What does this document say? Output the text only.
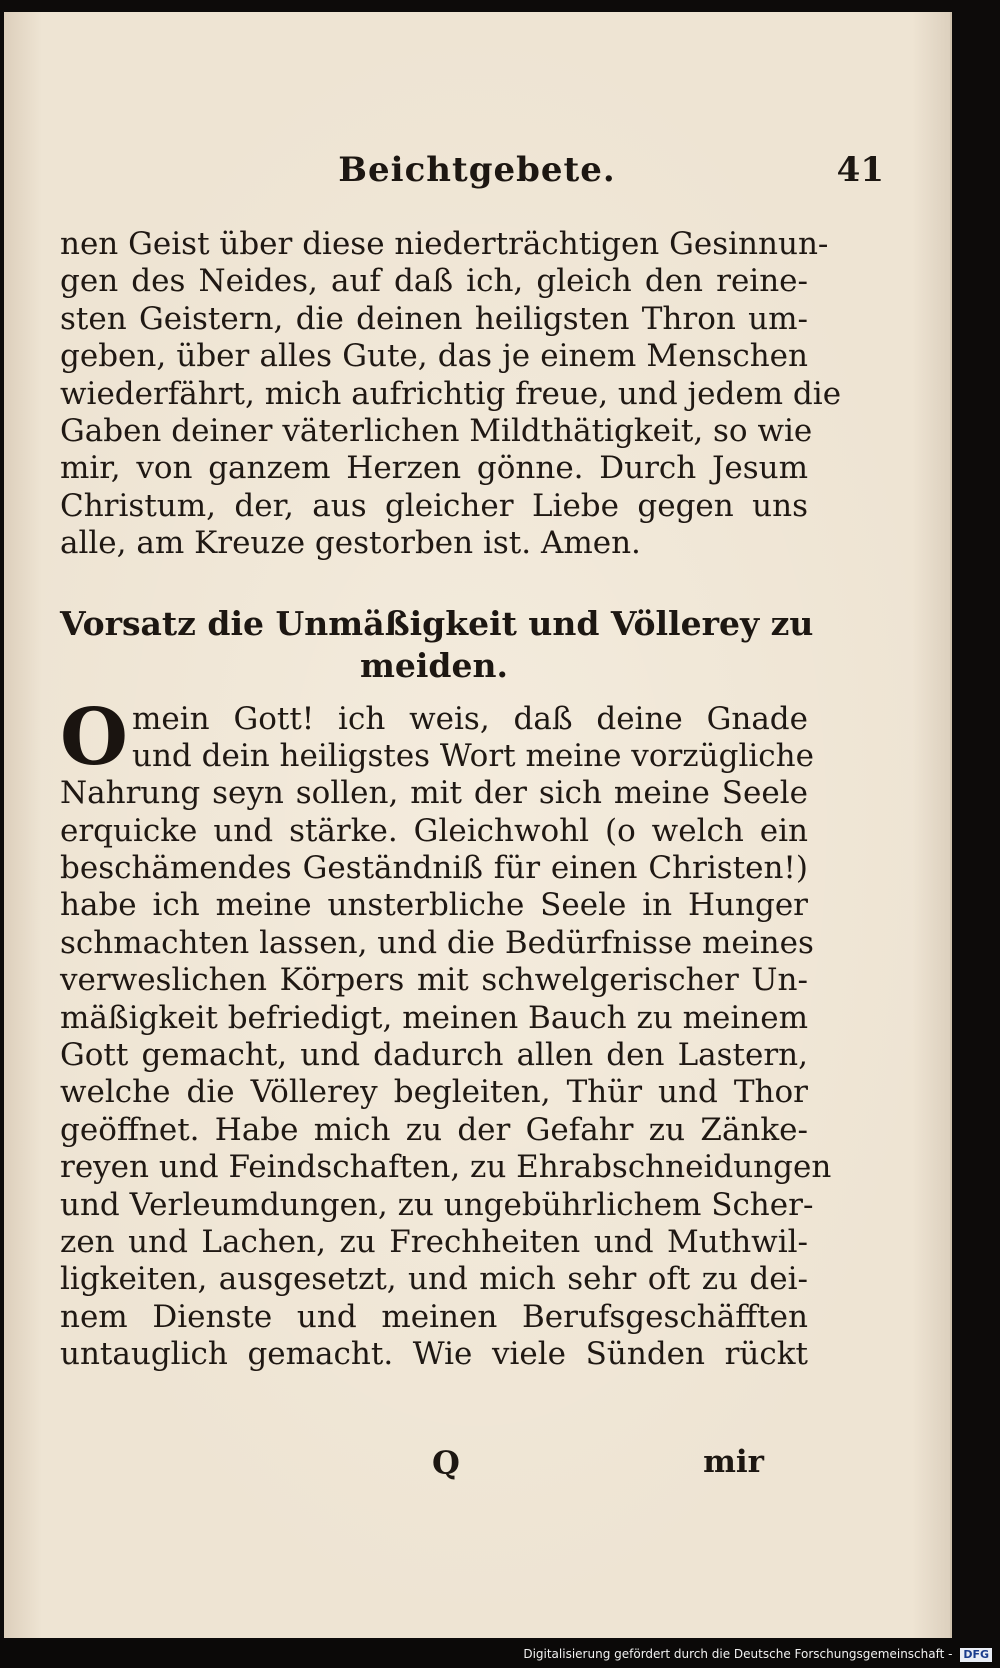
Beichtgebete.	41
nen Geist über diese niederträchtigen Gesinnun-
gen des Neides, auf daß ich, gleich den reine-
sten Geistern, die deinen heiligsten Thron um-
geben, über alles Gute, das je einem Menschen
wiederfährt, mich aufrichtig freue, und jedem die
Gaben deiner väterlichen Mildthätigkeit, so wie
mir, von ganzem Herzen gönne. Durch Jesum
Christum, der, aus gleicher Liebe gegen uns
alle, am Kreuze gestorben ist. Amen.
Vorsatz die Unmäßigkeit und Völlerey zu
meiden.
O mein Gott! ich weis, daß deine Gnade
und dein heiligstes Wort meine vorzügliche
Nahrung seyn sollen, mit der sich meine Seele
erquicke und stärke. Gleichwohl (o welch ein
beschämendes Geständniß für einen Christen!)
habe ich meine unsterbliche Seele in Hunger
schmachten lassen, und die Bedürfnisse meines
verweslichen Körpers mit schwelgerischer Un-
mäßigkeit befriedigt, meinen Bauch zu meinem
Gott gemacht, und dadurch allen den Lastern,
welche die Völlerey begleiten, Thür und Thor
geöffnet. Habe mich zu der Gefahr zu Zänke-
reyen und Feindschaften, zu Ehrabschneidungen
und Verleumdungen, zu ungebührlichem Scher-
zen und Lachen, zu Frechheiten und Muthwil-
ligkeiten, ausgesetzt, und mich sehr oft zu dei-
nem Dienste und meinen Berufsgeschäfften
untauglich gemacht. Wie viele Sünden rückt
Q	mir
Digitalisierung gefördert durch die Deutsche Forschungsgemeinschaft - DFG
